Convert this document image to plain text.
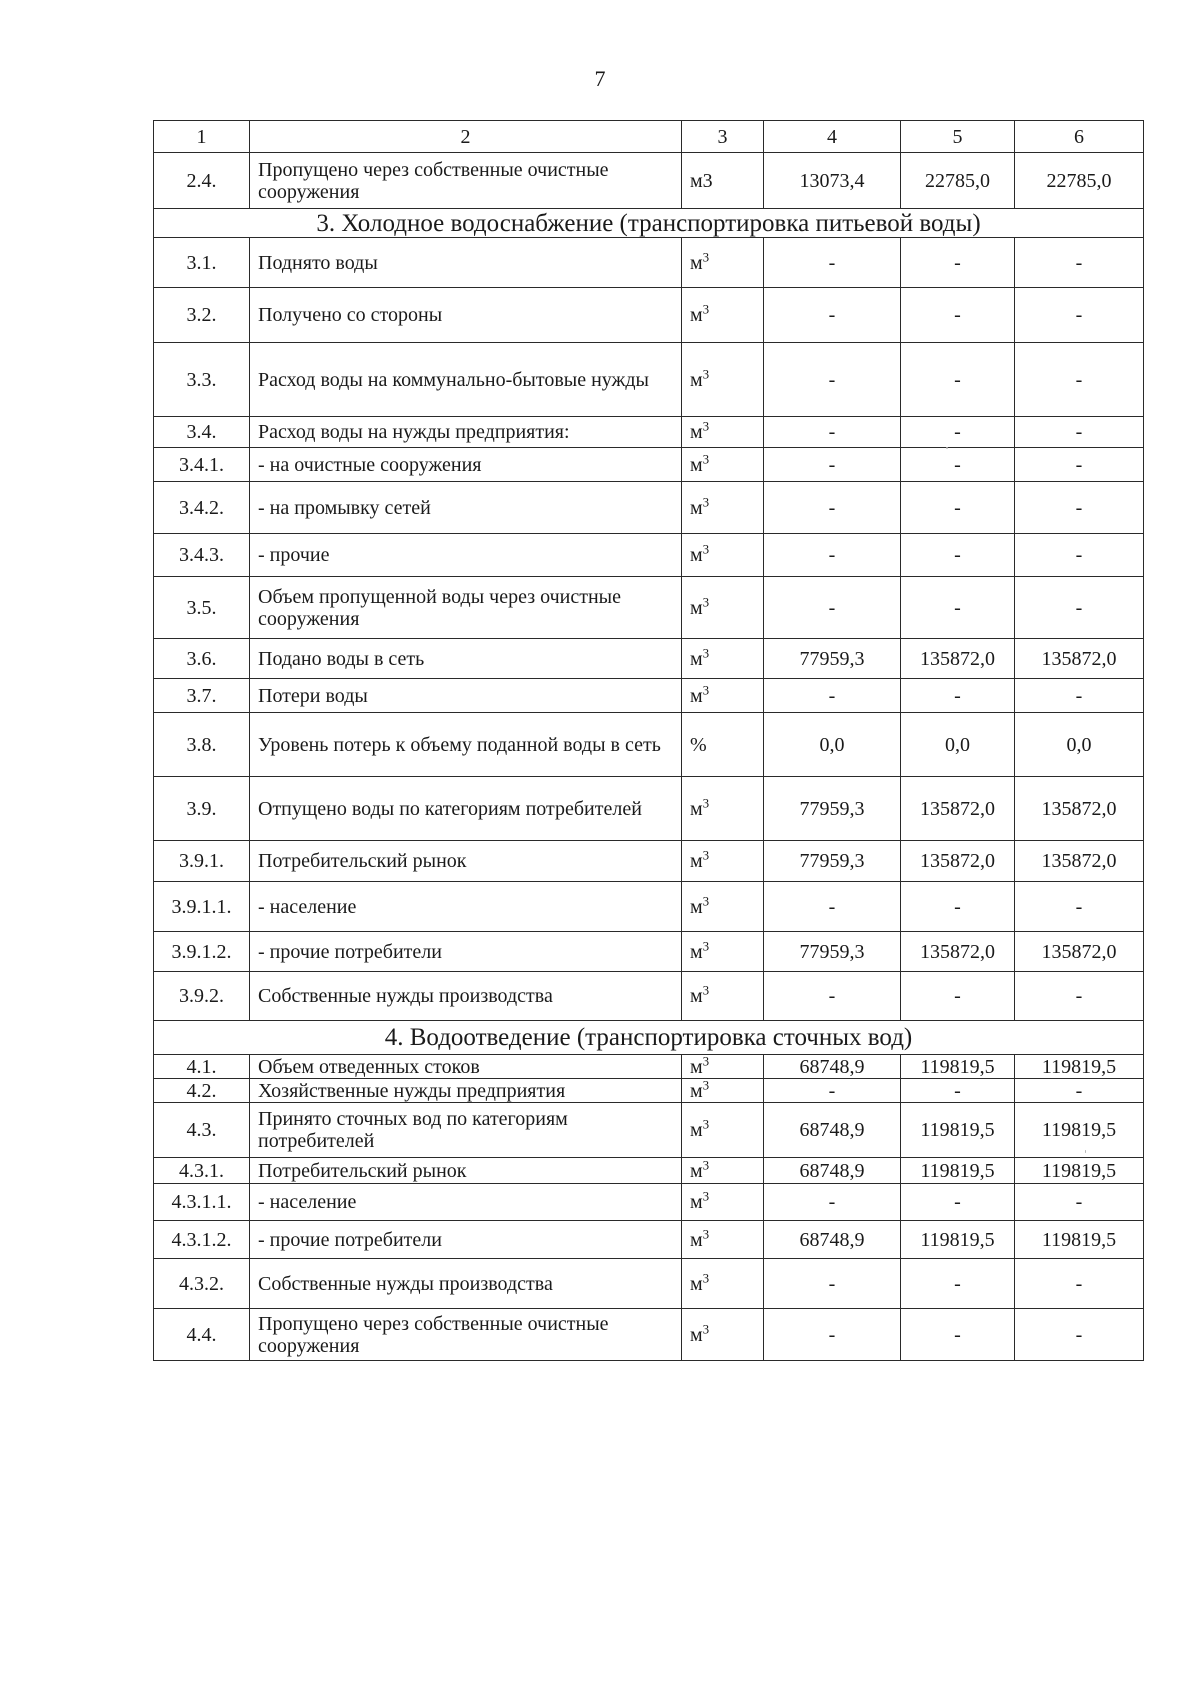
7
1	2	3	4	5	6
2.4.	Пропущено через собственные очистные сооружения	м3	13073,4	22785,0	22785,0
3. Холодное водоснабжение (транспортировка питьевой воды)					
3.1.	Поднято воды	$м^3$	-	-	-
3.2.	Получено со стороны	$м^3$	-	-	-
3.3.	Расход воды на коммунально-бытовые нужды	$м^3$	-	-	-
3.4.	Расход воды на нужды предприятия:	$м^3$	-	-	-
3.4.1.	- на очистные сооружения	$м^3$	-	-	-
3.4.2.	- на промывку сетей	$м^3$	-	-	-
3.4.3.	- прочие	$м^3$	-	-	-
3.5.	Объем пропущенной воды через очистные сооружения	$м^3$	-	-	-
3.6.	Подано воды в сеть	$м^3$	77959,3	135872,0	135872,0
3.7.	Потери воды	$м^3$	-	-	-
3.8.	Уровень потерь к объему поданной воды в сеть	%	0,0	0,0	0,0
3.9.	Отпущено воды по категориям потребителей	$м^3$	77959,3	135872,0	135872,0
3.9.1.	Потребительский рынок	$м^3$	77959,3	135872,0	135872,0
3.9.1.1.	- население	$м^3$	-	-	-
3.9.1.2.	- прочие потребители	$м^3$	77959,3	135872,0	135872,0
3.9.2.	Собственные нужды производства	$м^3$	-	-	-
4. Водоотведение (транспортировка сточных вод)					
4.1.	Объем отведенных стоков	$м^3$	68748,9	119819,5	119819,5
4.2.	Хозяйственные нужды предприятия	$м^3$	-	-	-
4.3.	Принято сточных вод по категориям потребителей	$м^3$	68748,9	119819,5	119819,5
4.3.1.	Потребительский рынок	$м^3$	68748,9	119819,5	119819,5
4.3.1.1.	- население	$м^3$	-	-	-
4.3.1.2.	- прочие потребители	$м^3$	68748,9	119819,5	119819,5
4.3.2.	Собственные нужды производства	$м^3$	-	-	-
4.4.	Пропущено через собственные очистные сооружения	$м^3$	-	-	-
